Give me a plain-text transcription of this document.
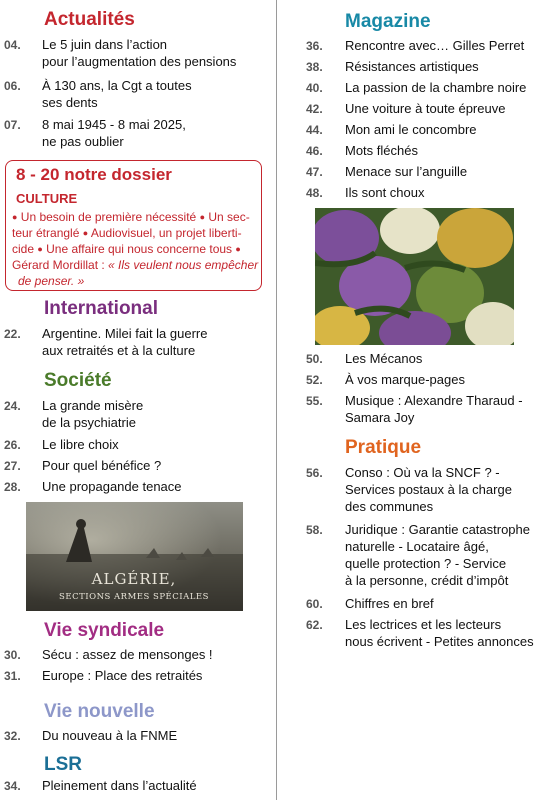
Actualités
04. Le 5 juin dans l’action
pour l’augmentation des pensions
06. À 130 ans, la Cgt a toutes
ses dents
07. 8 mai 1945 - 8 mai 2025,
ne pas oublier
8 - 20 notre dossier
CULTURE
● Un besoin de première nécessité ● Un sec-
teur étranglé ● Audiovisuel, un projet liberti-
cide ● Une affaire qui nous concerne tous ●
Gérard Mordillat : « Ils veulent nous empêcher
de penser. »
International
22. Argentine. Milei fait la guerre
aux retraités et à la culture
Société
24. La grande misère
de la psychiatrie
26. Le libre choix
27. Pour quel bénéfice ?
28. Une propagande tenace
ALGÉRIE,
SECTIONS ARMES SPÉCIALES
Vie syndicale
30. Sécu : assez de mensonges !
31. Europe : Place des retraités
Vie nouvelle
32. Du nouveau à la FNME
LSR
34. Pleinement dans l’actualité
Magazine
36. Rencontre avec… Gilles Perret
38. Résistances artistiques
40. La passion de la chambre noire
42. Une voiture à toute épreuve
44. Mon ami le concombre
46. Mots fléchés
47. Menace sur l’anguille
48. Ils sont choux
50. Les Mécanos
52. À vos marque-pages
55. Musique : Alexandre Tharaud -
Samara Joy
Pratique
56. Conso : Où va la SNCF ? -
Services postaux à la charge
des communes
58. Juridique : Garantie catastrophe
naturelle - Locataire âgé,
quelle protection ? - Service
à la personne, crédit d’impôt
60. Chiffres en bref
62. Les lectrices et les lecteurs
nous écrivent - Petites annonces
